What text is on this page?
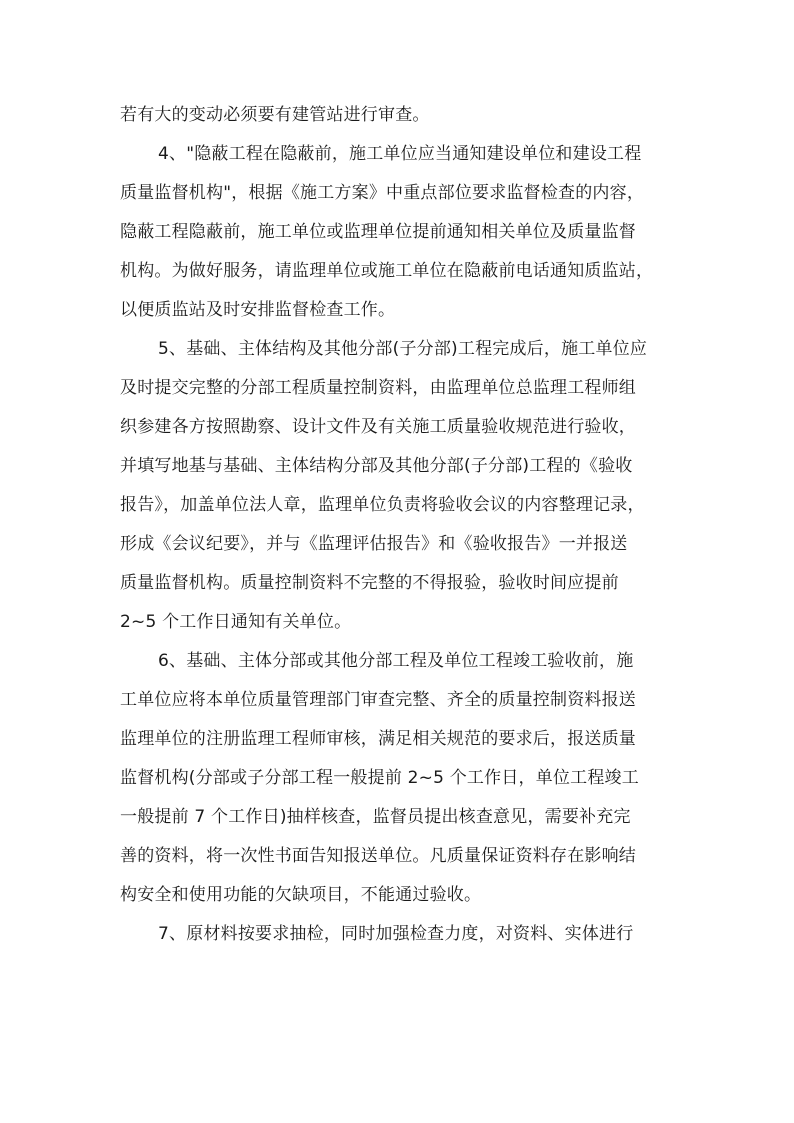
若有大的变动必须要有建管站进行审查。
4、"隐蔽工程在隐蔽前，施工单位应当通知建设单位和建设工程
质量监督机构"，根据《施工方案》中重点部位要求监督检查的内容，
隐蔽工程隐蔽前，施工单位或监理单位提前通知相关单位及质量监督
机构。为做好服务，请监理单位或施工单位在隐蔽前电话通知质监站，
以便质监站及时安排监督检查工作。
5、基础、主体结构及其他分部(子分部)工程完成后，施工单位应
及时提交完整的分部工程质量控制资料，由监理单位总监理工程师组
织参建各方按照勘察、设计文件及有关施工质量验收规范进行验收，
并填写地基与基础、主体结构分部及其他分部(子分部)工程的《验收
报告》，加盖单位法人章，监理单位负责将验收会议的内容整理记录，
形成《会议纪要》，并与《监理评估报告》和《验收报告》一并报送
质量监督机构。质量控制资料不完整的不得报验，验收时间应提前
2~5 个工作日通知有关单位。
6、基础、主体分部或其他分部工程及单位工程竣工验收前，施
工单位应将本单位质量管理部门审查完整、齐全的质量控制资料报送
监理单位的注册监理工程师审核，满足相关规范的要求后，报送质量
监督机构(分部或子分部工程一般提前 2~5 个工作日，单位工程竣工
一般提前 7 个工作日)抽样核查，监督员提出核查意见，需要补充完
善的资料，将一次性书面告知报送单位。凡质量保证资料存在影响结
构安全和使用功能的欠缺项目，不能通过验收。
7、原材料按要求抽检，同时加强检查力度，对资料、实体进行
